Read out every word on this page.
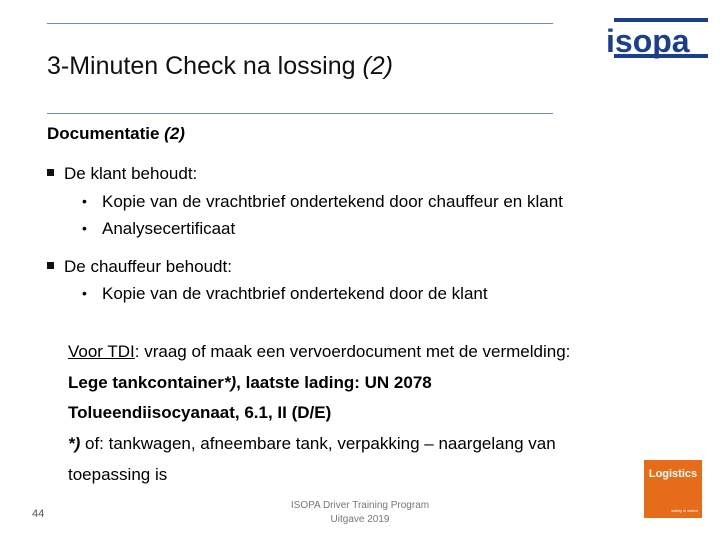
3-Minuten Check na lossing (2)
isopa
Documentatie (2)
De klant behoudt:
• Kopie van de vrachtbrief ondertekend door chauffeur en klant
• Analysecertificaat
De chauffeur behoudt:
• Kopie van de vrachtbrief ondertekend door de klant
Voor TDI: vraag of maak een vervoerdocument met de vermelding:
Lege tankcontainer*), laatste lading: UN 2078
Tolueendiisocyanaat, 6.1, II (D/E)
*) of: tankwagen, afneembare tank, verpakking – naargelang van
toepassing is	Logistics
safety in action
44
ISOPA Driver Training Program
Uitgave 2019
